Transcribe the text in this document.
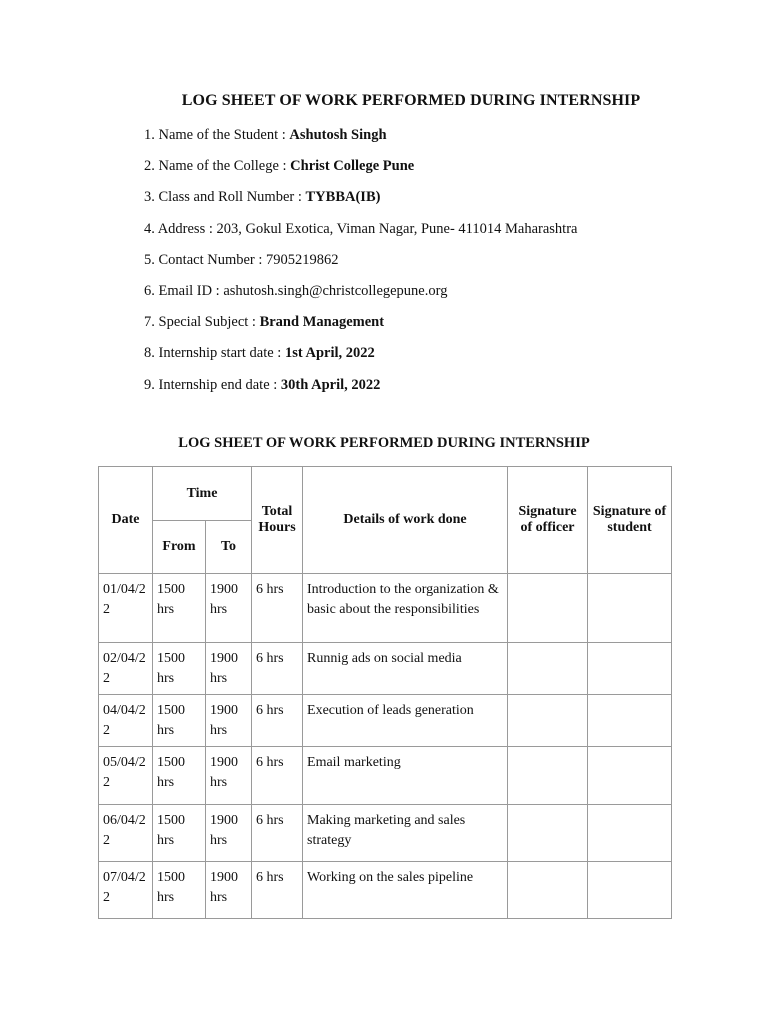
LOG SHEET OF WORK PERFORMED DURING INTERNSHIP
1. Name of the Student : Ashutosh Singh
2. Name of the College : Christ College Pune
3. Class and Roll Number : TYBBA(IB)
4. Address : 203, Gokul Exotica, Viman Nagar, Pune- 411014 Maharashtra
5. Contact Number : 7905219862
6. Email ID : ashutosh.singh@christcollegepune.org
7. Special Subject : Brand Management
8. Internship start date : 1st April, 2022
9. Internship end date : 30th April, 2022
LOG SHEET OF WORK PERFORMED DURING INTERNSHIP
Date	Time		Total Hours	Details of work done	Signature of officer	Signature of student
	From	To				
01/04/22	1500 hrs	1900 hrs	6 hrs	Introduction to the organization & basic about the responsibilities		
02/04/22	1500 hrs	1900 hrs	6 hrs	Runnig ads on social media		
04/04/22	1500 hrs	1900 hrs	6 hrs	Execution of leads generation		
05/04/22	1500 hrs	1900 hrs	6 hrs	Email marketing		
06/04/22	1500 hrs	1900 hrs	6 hrs	Making marketing and sales strategy		
07/04/22	1500 hrs	1900 hrs	6 hrs	Working on the sales pipeline		
